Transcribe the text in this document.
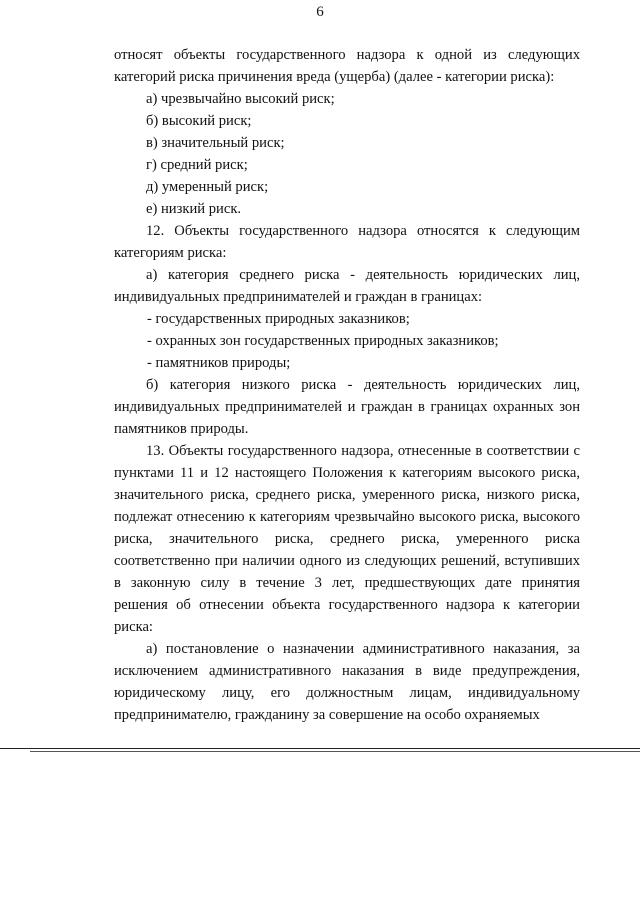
6

относят объекты государственного надзора к одной из следующих категорий риска причинения вреда (ущерба) (далее - категории риска):

а) чрезвычайно высокий риск;

б) высокий риск;

в) значительный риск;

г) средний риск;

д) умеренный риск;

е) низкий риск.

12. Объекты государственного надзора относятся к следующим категориям риска:

а) категория среднего риска - деятельность юридических лиц, индивидуальных предпринимателей и граждан в границах:

- государственных природных заказников;

- охранных зон государственных природных заказников;

- памятников природы;

б) категория низкого риска - деятельность юридических лиц, индивидуальных предпринимателей и граждан в границах охранных зон памятников природы.

13. Объекты государственного надзора, отнесенные в соответствии с пунктами 11 и 12 настоящего Положения к категориям высокого риска, значительного риска, среднего риска, умеренного риска, низкого риска, подлежат отнесению к категориям чрезвычайно высокого риска, высокого риска, значительного риска, среднего риска, умеренного риска соответственно при наличии одного из следующих решений, вступивших в законную силу в течение 3 лет, предшествующих дате принятия решения об отнесении объекта государственного надзора к категории риска:

а) постановление о назначении административного наказания, за исключением административного наказания в виде предупреждения, юридическому лицу, его должностным лицам, индивидуальному предпринимателю, гражданину за совершение на особо охраняемых
